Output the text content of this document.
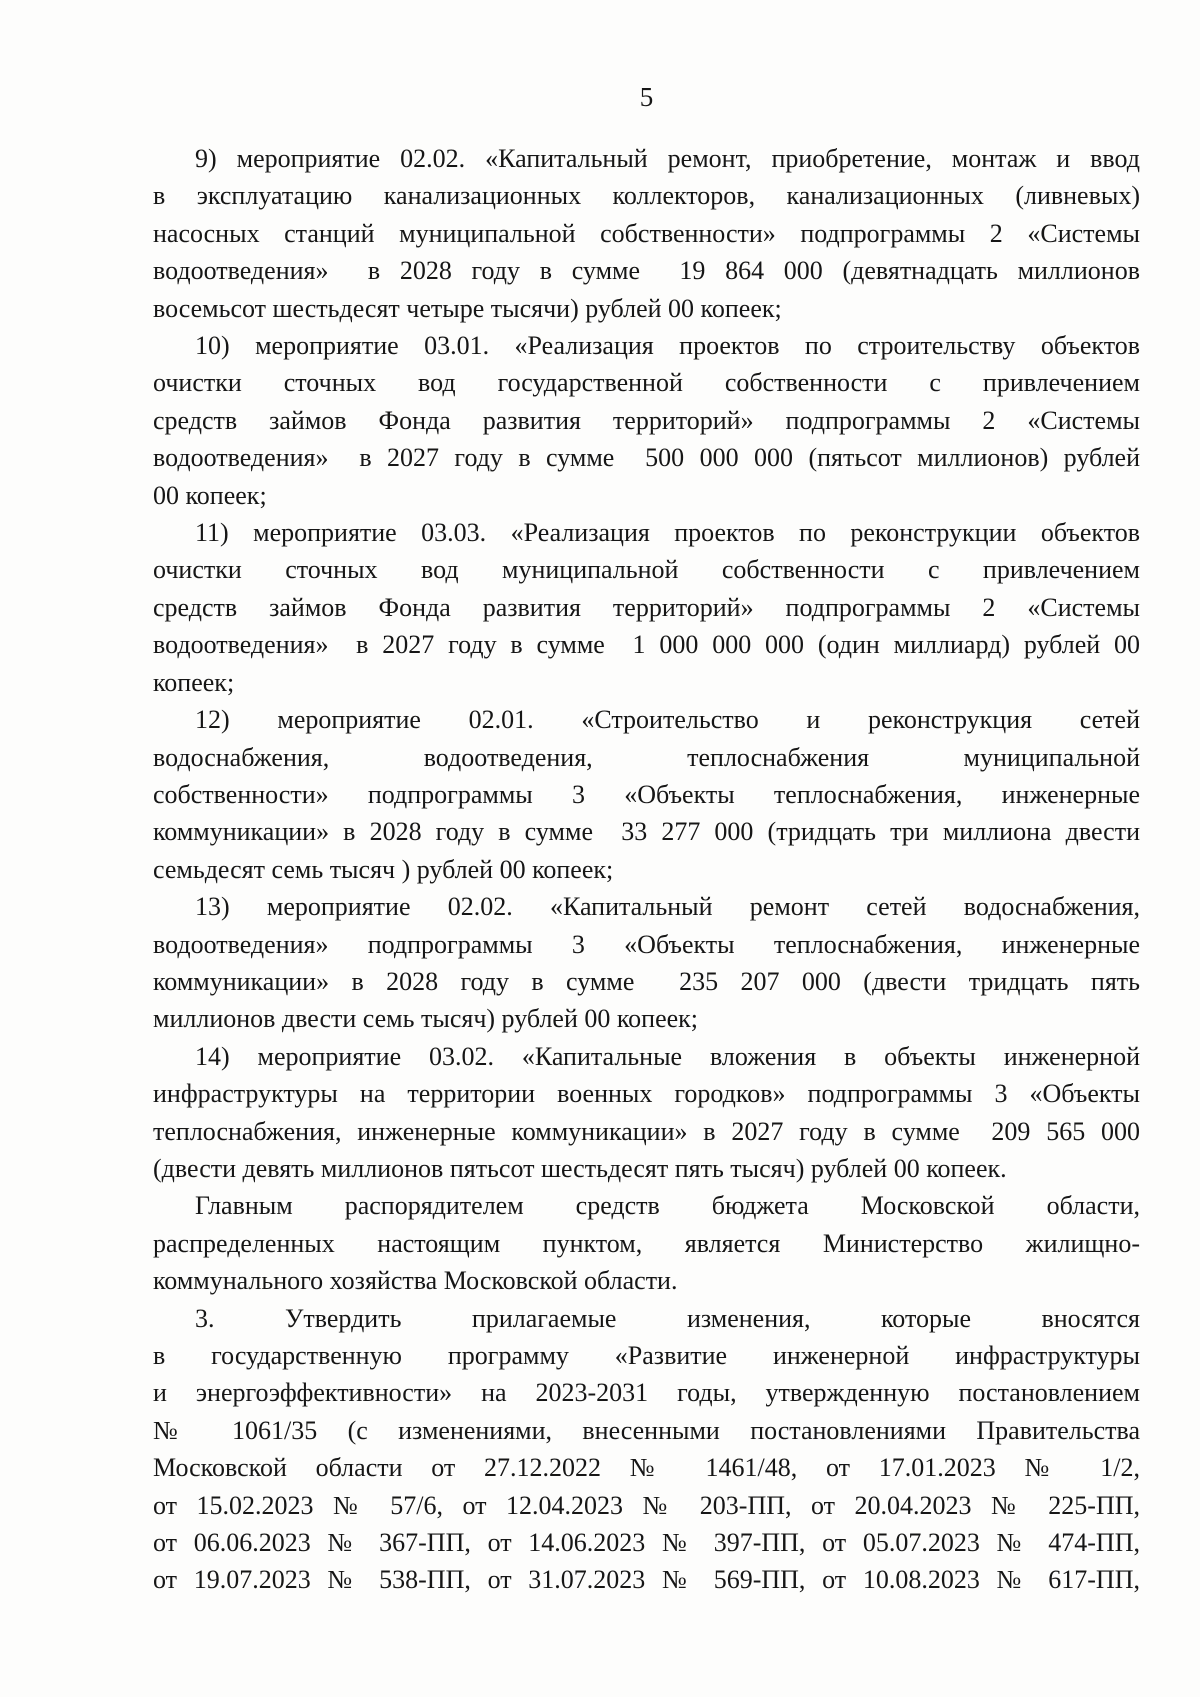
5

9) мероприятие 02.02. «Капитальный ремонт, приобретение, монтаж и ввод
в эксплуатацию канализационных коллекторов, канализационных (ливневых)
насосных станций муниципальной собственности» подпрограммы 2 «Системы
водоотведения»  в 2028 году в сумме  19 864 000 (девятнадцать миллионов
восемьсот шестьдесят четыре тысячи) рублей 00 копеек;

10) мероприятие 03.01. «Реализация проектов по строительству объектов
очистки сточных вод государственной собственности с привлечением
средств займов Фонда развития территорий» подпрограммы 2 «Системы
водоотведения»  в 2027 году в сумме  500 000 000 (пятьсот миллионов) рублей
00 копеек;

11) мероприятие 03.03. «Реализация проектов по реконструкции объектов
очистки сточных вод муниципальной собственности с привлечением
средств займов Фонда развития территорий» подпрограммы 2 «Системы
водоотведения»  в 2027 году в сумме  1 000 000 000 (один миллиард) рублей 00
копеек;

12) мероприятие 02.01. «Строительство и реконструкция сетей
водоснабжения, водоотведения, теплоснабжения муниципальной
собственности» подпрограммы 3 «Объекты теплоснабжения, инженерные
коммуникации» в 2028 году в сумме  33 277 000 (тридцать три миллиона двести
семьдесят семь тысяч ) рублей 00 копеек;

13) мероприятие 02.02. «Капитальный ремонт сетей водоснабжения,
водоотведения» подпрограммы 3 «Объекты теплоснабжения, инженерные
коммуникации» в 2028 году в сумме  235 207 000 (двести тридцать пять
миллионов двести семь тысяч) рублей 00 копеек;

14) мероприятие 03.02. «Капитальные вложения в объекты инженерной
инфраструктуры на территории военных городков» подпрограммы 3 «Объекты
теплоснабжения, инженерные коммуникации» в 2027 году в сумме  209 565 000
(двести девять миллионов пятьсот шестьдесят пять тысяч) рублей 00 копеек.

Главным распорядителем средств бюджета Московской области,
распределенных настоящим пунктом, является Министерство жилищно-
коммунального хозяйства Московской области.

3. Утвердить прилагаемые изменения, которые вносятся
в государственную программу «Развитие инженерной инфраструктуры
и энергоэффективности» на 2023-2031 годы, утвержденную постановлением
№ 1061/35 (с изменениями, внесенными постановлениями Правительства
Московской области от 27.12.2022 № 1461/48, от 17.01.2023 № 1/2,
от 15.02.2023 № 57/6, от 12.04.2023 № 203-ПП, от 20.04.2023 № 225-ПП,
от 06.06.2023 № 367-ПП, от 14.06.2023 № 397-ПП, от 05.07.2023 № 474-ПП,
от 19.07.2023 № 538-ПП, от 31.07.2023 № 569-ПП, от 10.08.2023 № 617-ПП,
